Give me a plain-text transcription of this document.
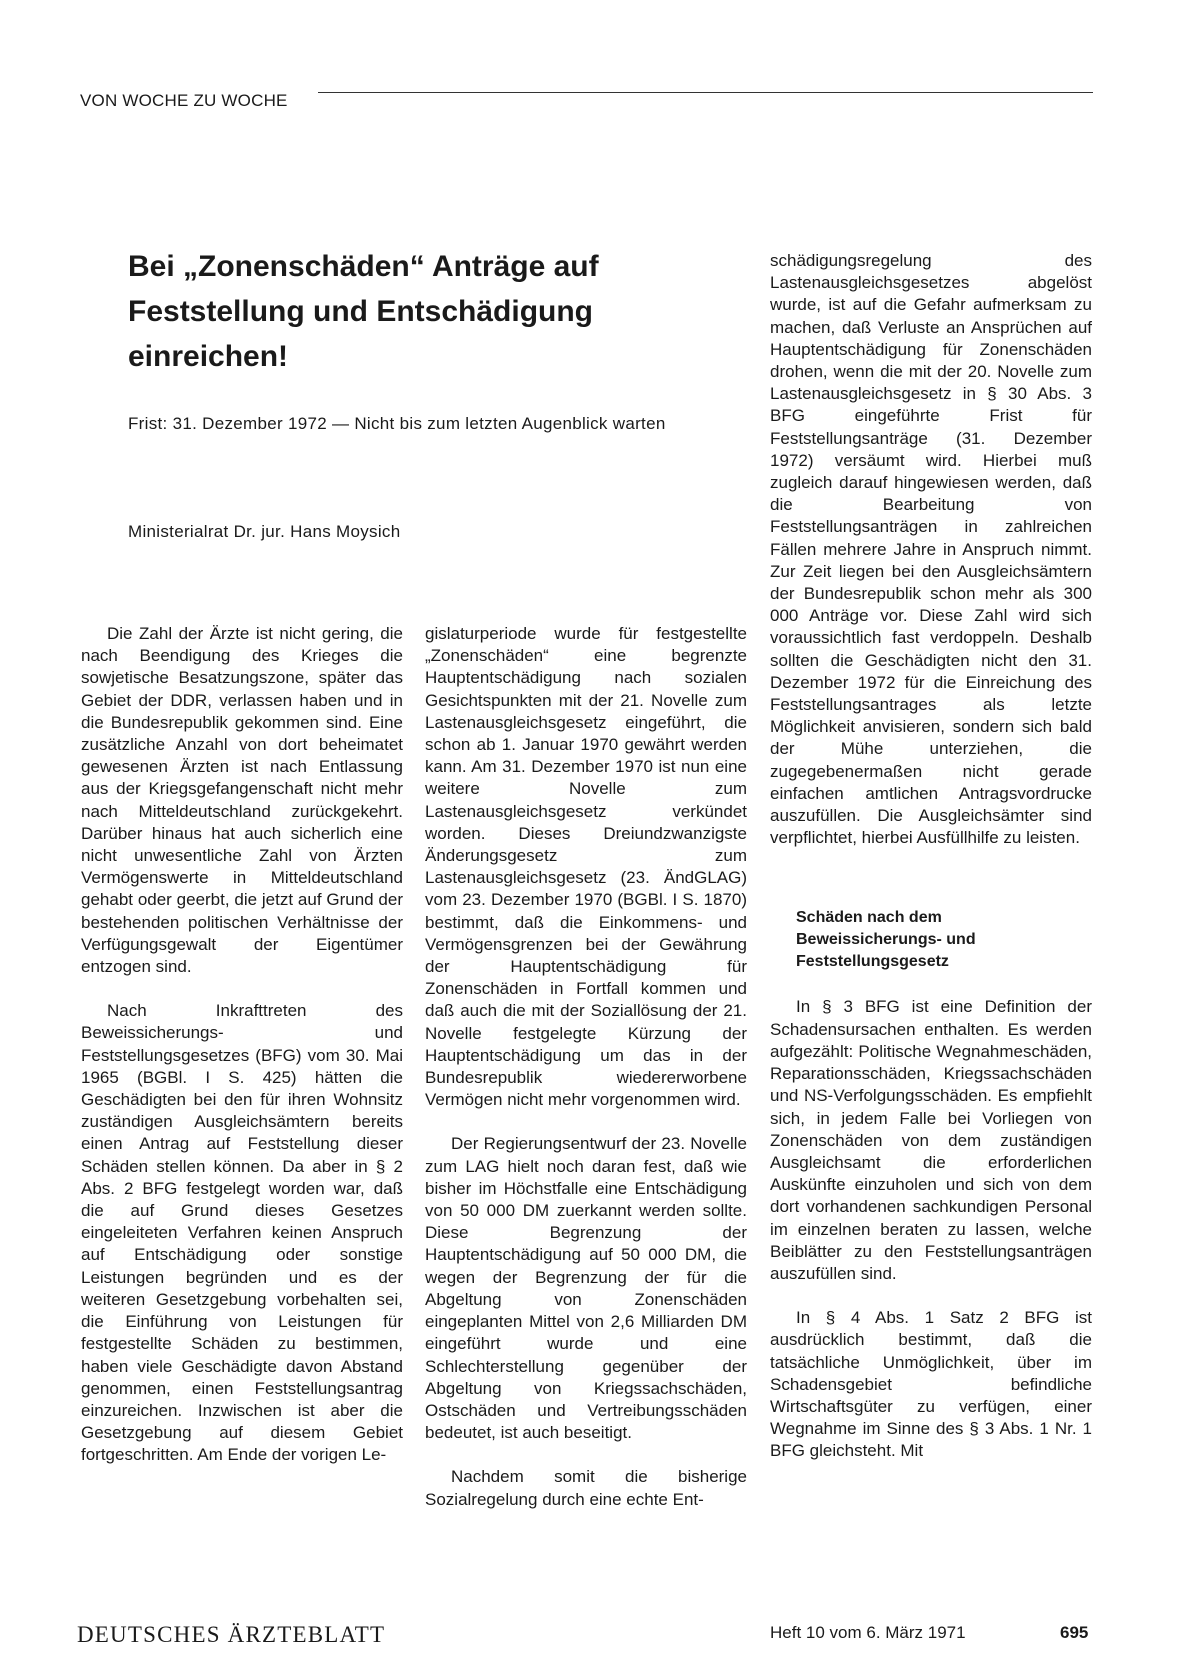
VON WOCHE ZU WOCHE
Bei „Zonenschäden“ Anträge auf Feststellung und Entschädigung einreichen!
Frist: 31. Dezember 1972 — Nicht bis zum letzten Augenblick warten
Ministerialrat Dr. jur. Hans Moysich

Die Zahl der Ärzte ist nicht gering, die nach Beendigung des Krieges die sowjetische Besatzungszone, später das Gebiet der DDR, verlassen haben und in die Bundesrepublik gekommen sind. Eine zusätzliche Anzahl von dort beheimatet gewesenen Ärzten ist nach Entlassung aus der Kriegsgefangenschaft nicht mehr nach Mitteldeutschland zurückgekehrt. Darüber hinaus hat auch sicherlich eine nicht unwesentliche Zahl von Ärzten Vermögenswerte in Mitteldeutschland gehabt oder geerbt, die jetzt auf Grund der bestehenden politischen Verhältnisse der Verfügungsgewalt der Eigentümer entzogen sind.

Nach Inkrafttreten des Beweissicherungs- und Feststellungsgesetzes (BFG) vom 30. Mai 1965 (BGBl. I S. 425) hätten die Geschädigten bei den für ihren Wohnsitz zuständigen Ausgleichsämtern bereits einen Antrag auf Feststellung dieser Schäden stellen können. Da aber in § 2 Abs. 2 BFG festgelegt worden war, daß die auf Grund dieses Gesetzes eingeleiteten Verfahren keinen Anspruch auf Entschädigung oder sonstige Leistungen begründen und es der weiteren Gesetzgebung vorbehalten sei, die Einführung von Leistungen für festgestellte Schäden zu bestimmen, haben viele Geschädigte davon Abstand genommen, einen Feststellungsantrag einzureichen. Inzwischen ist aber die Gesetzgebung auf diesem Gebiet fortgeschritten. Am Ende der vorigen Le-

gislaturperiode wurde für festgestellte „Zonenschäden“ eine begrenzte Hauptentschädigung nach sozialen Gesichtspunkten mit der 21. Novelle zum Lastenausgleichsgesetz eingeführt, die schon ab 1. Januar 1970 gewährt werden kann. Am 31. Dezember 1970 ist nun eine weitere Novelle zum Lastenausgleichsgesetz verkündet worden. Dieses Dreiundzwanzigste Änderungsgesetz zum Lastenausgleichsgesetz (23. ÄndGLAG) vom 23. Dezember 1970 (BGBl. I S. 1870) bestimmt, daß die Einkommens- und Vermögensgrenzen bei der Gewährung der Hauptentschädigung für Zonenschäden in Fortfall kommen und daß auch die mit der Soziallösung der 21. Novelle festgelegte Kürzung der Hauptentschädigung um das in der Bundesrepublik wiedererworbene Vermögen nicht mehr vorgenommen wird.

Der Regierungsentwurf der 23. Novelle zum LAG hielt noch daran fest, daß wie bisher im Höchstfalle eine Entschädigung von 50 000 DM zuerkannt werden sollte. Diese Begrenzung der Hauptentschädigung auf 50 000 DM, die wegen der Begrenzung der für die Abgeltung von Zonenschäden eingeplanten Mittel von 2,6 Milliarden DM eingeführt wurde und eine Schlechterstellung gegenüber der Abgeltung von Kriegssachschäden, Ostschäden und Vertreibungsschäden bedeutet, ist auch beseitigt.

Nachdem somit die bisherige Sozialregelung durch eine echte Ent-

schädigungsregelung des Lastenausgleichsgesetzes abgelöst wurde, ist auf die Gefahr aufmerksam zu machen, daß Verluste an Ansprüchen auf Hauptentschädigung für Zonenschäden drohen, wenn die mit der 20. Novelle zum Lastenausgleichsgesetz in § 30 Abs. 3 BFG eingeführte Frist für Feststellungsanträge (31. Dezember 1972) versäumt wird. Hierbei muß zugleich darauf hingewiesen werden, daß die Bearbeitung von Feststellungsanträgen in zahlreichen Fällen mehrere Jahre in Anspruch nimmt. Zur Zeit liegen bei den Ausgleichsämtern der Bundesrepublik schon mehr als 300 000 Anträge vor. Diese Zahl wird sich voraussichtlich fast verdoppeln. Deshalb sollten die Geschädigten nicht den 31. Dezember 1972 für die Einreichung des Feststellungsantrages als letzte Möglichkeit anvisieren, sondern sich bald der Mühe unterziehen, die zugegebenermaßen nicht gerade einfachen amtlichen Antragsvordrucke auszufüllen. Die Ausgleichsämter sind verpflichtet, hierbei Ausfüllhilfe zu leisten.

Schäden nach dem Beweissicherungs- und Feststellungsgesetz

In § 3 BFG ist eine Definition der Schadensursachen enthalten. Es werden aufgezählt: Politische Wegnahmeschäden, Reparationsschäden, Kriegssachschäden und NS-Verfolgungsschäden. Es empfiehlt sich, in jedem Falle bei Vorliegen von Zonenschäden von dem zuständigen Ausgleichsamt die erforderlichen Auskünfte einzuholen und sich von dem dort vorhandenen sachkundigen Personal im einzelnen beraten zu lassen, welche Beiblätter zu den Feststellungsanträgen auszufüllen sind.

In § 4 Abs. 1 Satz 2 BFG ist ausdrücklich bestimmt, daß die tatsächliche Unmöglichkeit, über im Schadensgebiet befindliche Wirtschaftsgüter zu verfügen, einer Wegnahme im Sinne des § 3 Abs. 1 Nr. 1 BFG gleichsteht. Mit

DEUTSCHES ÄRZTEBLATT	Heft 10 vom 6. März 1971	695
